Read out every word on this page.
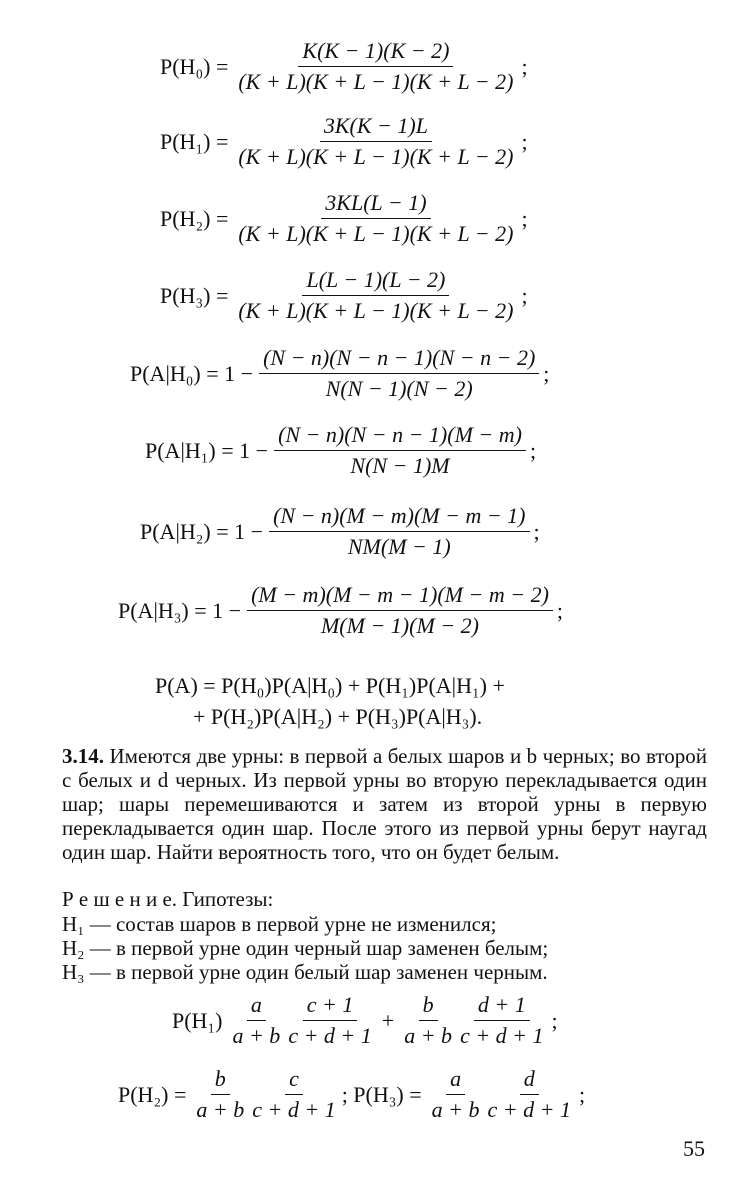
$P(H_0) = \frac{K(K - 1)(K - 2)}{(K + L)(K + L - 1)(K + L - 2)}$ ;
$P(H_1) = \frac{3K(K - 1)L}{(K + L)(K + L - 1)(K + L - 2)}$ ;
$P(H_2) = \frac{3KL(L - 1)}{(K + L)(K + L - 1)(K + L - 2)}$ ;
$P(H_3) = \frac{L(L - 1)(L - 2)}{(K + L)(K + L - 1)(K + L - 2)}$ ;
$P(A|H_0) = 1 - \frac{(N - n)(N - n - 1)(N - n - 2)}{N(N - 1)(N - 2)}$ ;
$P(A|H_1) = 1 - \frac{(N - n)(N - n - 1)(M - m)}{N(N - 1)M}$ ;
$P(A|H_2) = 1 - \frac{(N - n)(M - m)(M - m - 1)}{NM(M - 1)}$ ;
$P(A|H_3) = 1 - \frac{(M - m)(M - m - 1)(M - m - 2)}{M(M - 1)(M - 2)}$ ;
P(A) = P(H₀)P(A|H₀) + P(H₁)P(A|H₁) +
+ P(H₂)P(A|H₂) + P(H₃)P(A|H₃).

3.14. Имеются две урны: в первой a белых шаров и b черных; во второй c белых и d черных. Из первой урны во вторую перекладывается один шар; шары перемешиваются и затем из второй урны в первую перекладывается один шар. После этого из первой урны берут наугад один шар. Найти вероятность того, что он будет белым.

Р е ш е н и е. Гипотезы:
H₁ — состав шаров в первой урне не изменился;
H₂ — в первой урне один черный шар заменен белым;
H₃ — в первой урне один белый шар заменен черным.
$P(H_1) \frac{a}{a + b} \frac{c + 1}{c + d + 1} + \frac{b}{a + b} \frac{d + 1}{c + d + 1}$ ;
$P(H_2) = \frac{b}{a + b} \frac{c}{c + d + 1}$ ; $P(H_3) = \frac{a}{a + b} \frac{d}{c + d + 1}$ ;
55
